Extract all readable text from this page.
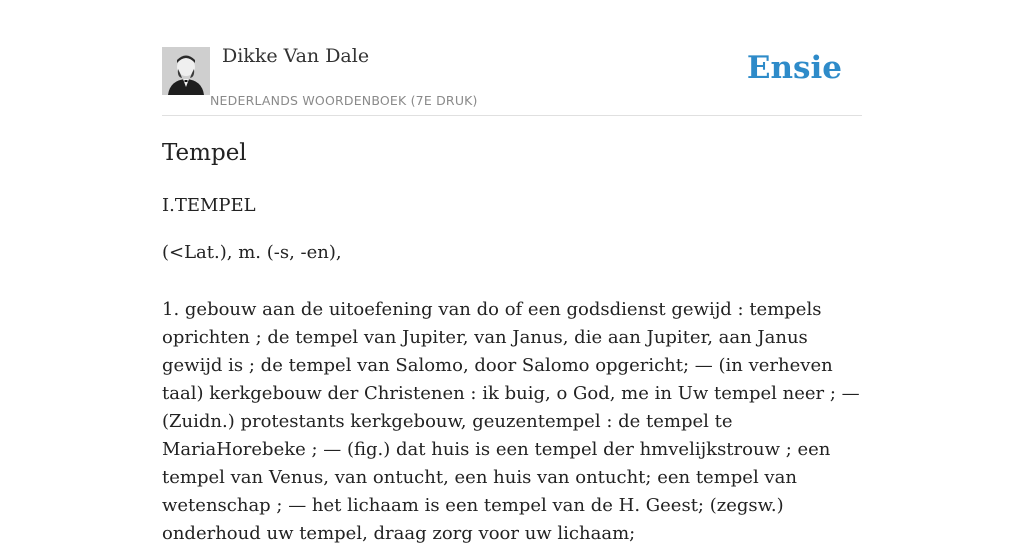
Dikke Van Dale
NEDERLANDS WOORDENBOEK (7E DRUK)
Ensie
Tempel
I.TEMPEL
(<Lat.), m. (-s, -en),

1. gebouw aan de uitoefening van do of een godsdienst gewijd : tempels oprichten ; de tempel van Jupiter, van Janus, die aan Jupiter, aan Janus gewijd is ; de tempel van Salomo, door Salomo opgericht; — (in verheven taal) kerkgebouw der Christenen : ik buig, o God, me in Uw tempel neer ; — (Zuidn.) protestants kerkgebouw, geuzentempel : de tempel te MariaHorebeke ; — (fig.) dat huis is een tempel der hmvelijkstrouw ; een tempel van Venus, van ontucht, een huis van ontucht; een tempel van wetenschap ; — het lichaam is een tempel van de H. Geest; (zegsw.) onderhoud uw tempel, draag zorg voor uw lichaam;
